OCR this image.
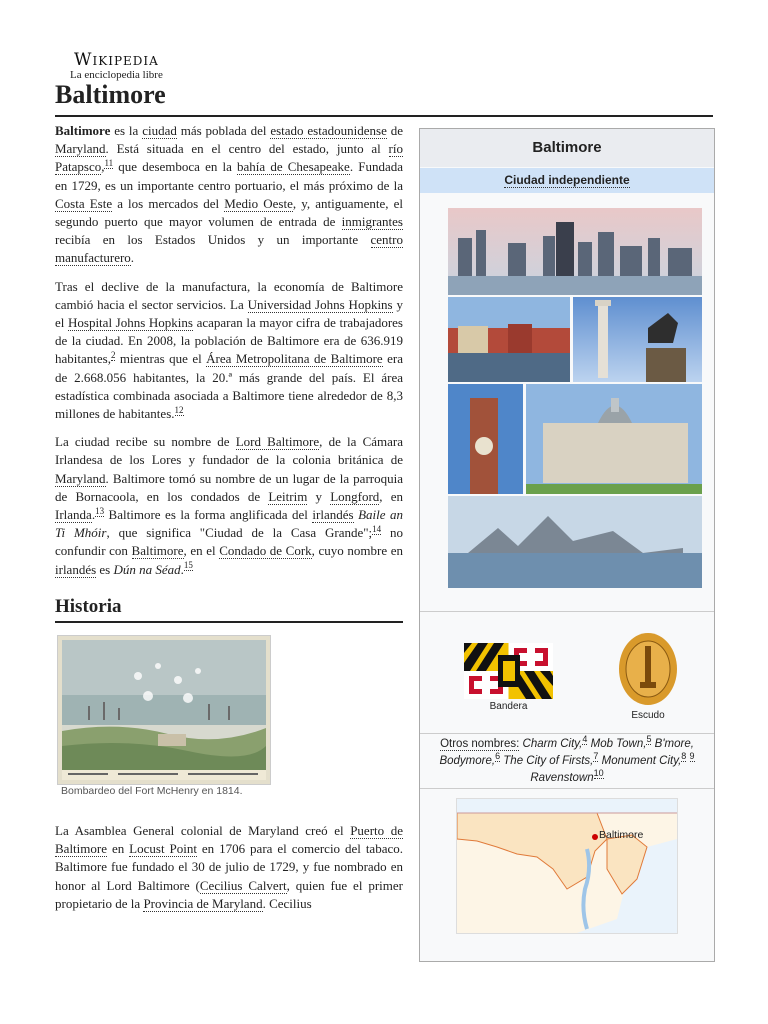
Wikipedia
La enciclopedia libre
Baltimore

Baltimore es la ciudad más poblada del estado estadounidense de Maryland. Está situada en el centro del estado, junto al río Patapsco,$^{11}$ que desemboca en la bahía de Chesapeake. Fundada en 1729, es un importante centro portuario, el más próximo de la Costa Este a los mercados del Medio Oeste, y, antiguamente, el segundo puerto que mayor volumen de entrada de inmigrantes recibía en los Estados Unidos y un importante centro manufacturero.

Tras el declive de la manufactura, la economía de Baltimore cambió hacia el sector servicios. La Universidad Johns Hopkins y el Hospital Johns Hopkins acaparan la mayor cifra de trabajadores de la ciudad. En 2008, la población de Baltimore era de 636.919 habitantes,$^2$ mientras que el Área Metropolitana de Baltimore era de 2.668.056 habitantes, la 20.ª más grande del país. El área estadística combinada asociada a Baltimore tiene alrededor de 8,3 millones de habitantes.$^{12}$

La ciudad recibe su nombre de Lord Baltimore, de la Cámara Irlandesa de los Lores y fundador de la colonia británica de Maryland. Baltimore tomó su nombre de un lugar de la parroquia de Bornacoola, en los condados de Leitrim y Longford, en Irlanda.$^{13}$ Baltimore es la forma anglificada del irlandés Baile an Ti Mhóir, que significa "Ciudad de la Casa Grande";$^{14}$ no confundir con Baltimore, en el Condado de Cork, cuyo nombre en irlandés es Dún na Séad.$^{15}$

Historia
Bombardeo del Fort McHenry en 1814.

La Asamblea General colonial de Maryland creó el Puerto de Baltimore en Locust Point en 1706 para el comercio del tabaco. Baltimore fue fundado el 30 de julio de 1729, y fue nombrado en honor al Lord Baltimore (Cecilius Calvert, quien fue el primer propietario de la Provincia de Maryland. Cecilius

Baltimore
Ciudad independiente
Bandera
Escudo
Otros nombres: Charm City,$^4$ Mob Town,$^5$ B'more, Bodymore,$^6$ The City of Firsts,$^7$ Monument City,$^8$ $^9$ Ravenstown$^{10}$
Baltimore
